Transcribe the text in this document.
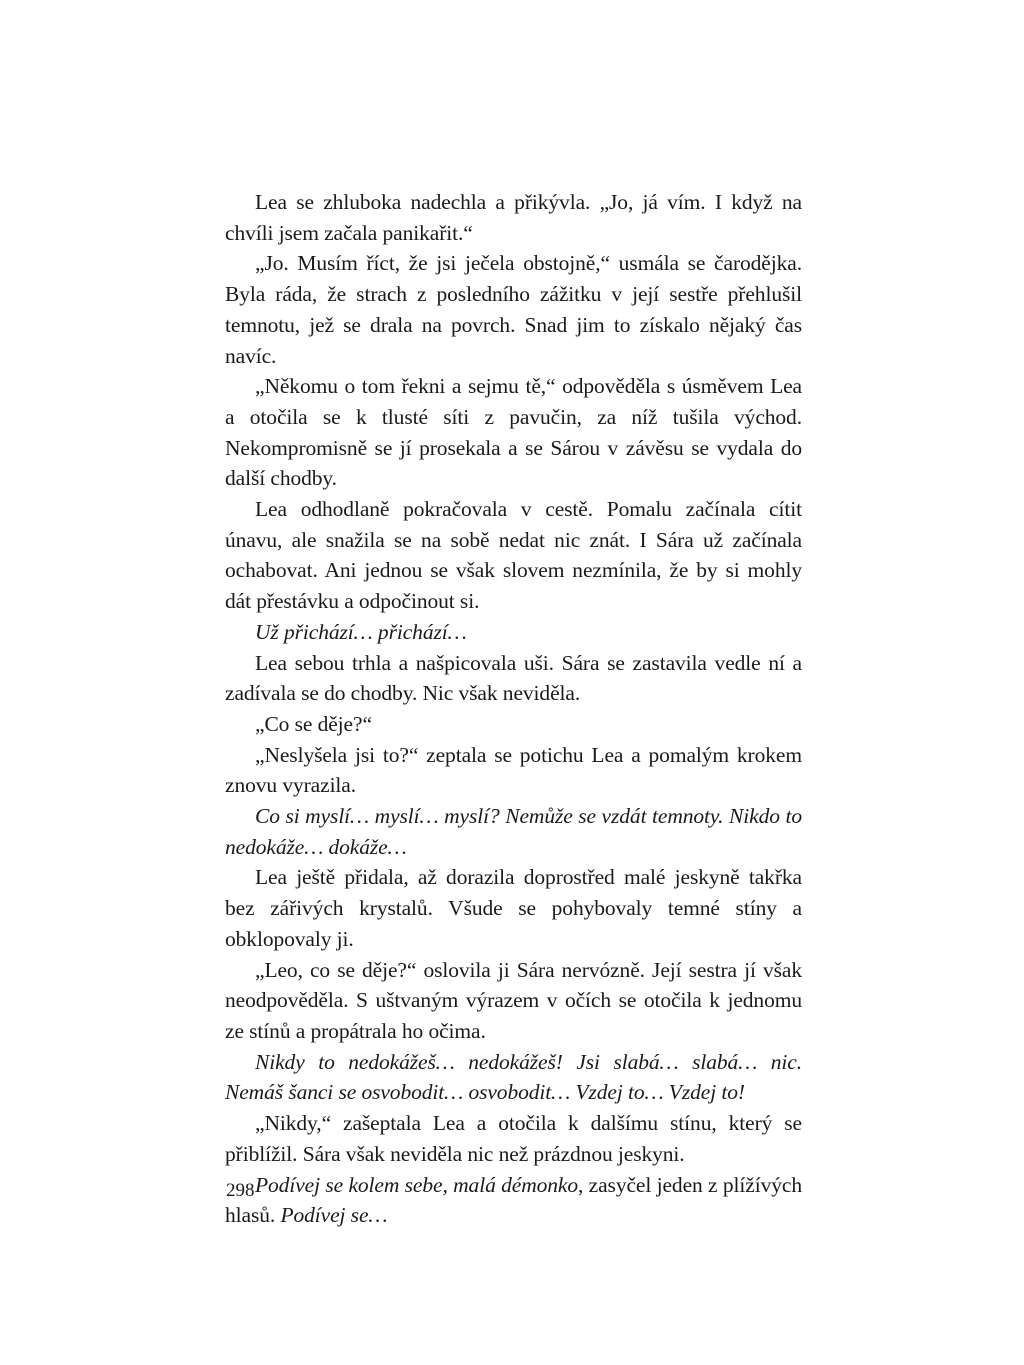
Lea se zhluboka nadechla a přikývla. „Jo, já vím. I když na chvíli jsem začala panikařit.“

„Jo. Musím říct, že jsi ječela obstojně,“ usmála se čarodějka. Byla ráda, že strach z posledního zážitku v její sestře přehlušil temnotu, jež se drala na povrch. Snad jim to získalo nějaký čas navíc.

„Někomu o tom řekni a sejmu tě,“ odpověděla s úsměvem Lea a otočila se k tlusté síti z pavučin, za níž tušila východ. Nekompromisně se jí prosekala a se Sárou v závěsu se vydala do další chodby.

Lea odhodlaně pokračovala v cestě. Pomalu začínala cítit únavu, ale snažila se na sobě nedat nic znát. I Sára už začínala ochabovat. Ani jednou se však slovem nezmínila, že by si mohly dát přestávku a odpočinout si.

Už přichází… přichází…

Lea sebou trhla a našpicovala uši. Sára se zastavila vedle ní a zadívala se do chodby. Nic však neviděla.

„Co se děje?“

„Neslyšela jsi to?“ zeptala se potichu Lea a pomalým krokem znovu vyrazila.

Co si myslí… myslí… myslí? Nemůže se vzdát temnoty. Nikdo to nedokáže… dokáže…

Lea ještě přidala, až dorazila doprostřed malé jeskyně takřka bez zářivých krystalů. Všude se pohybovaly temné stíny a obklopovaly ji.

„Leo, co se děje?“ oslovila ji Sára nervózně. Její sestra jí však neodpověděla. S uštvaným výrazem v očích se otočila k jednomu ze stínů a propátrala ho očima.

Nikdy to nedokážeš… nedokážeš! Jsi slabá… slabá… nic. Nemáš šanci se osvobodit… osvobodit… Vzdej to… Vzdej to!

„Nikdy,“ zašeptala Lea a otočila k dalšímu stínu, který se přiblížil. Sára však neviděla nic než prázdnou jeskyni.

Podívej se kolem sebe, malá démonko, zasyčel jeden z plížívých hlasů. Podívej se…

298
